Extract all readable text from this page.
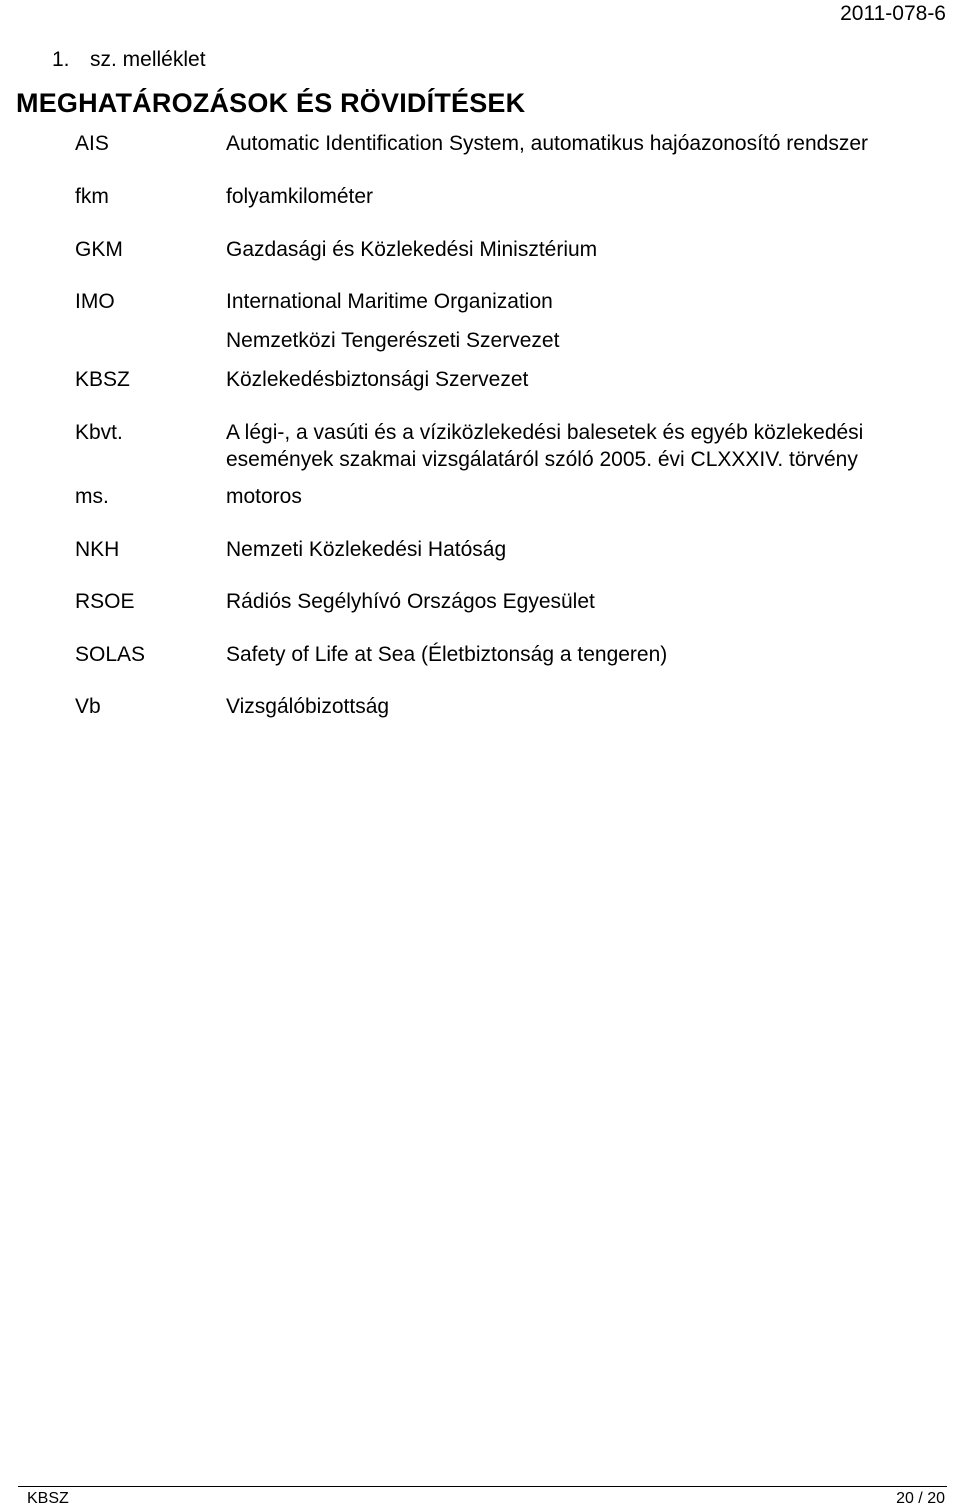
2011-078-6
1. sz. melléklet
MEGHATÁROZÁSOK ÉS RÖVIDÍTÉSEK
AIS	Automatic Identification System, automatikus hajóazonosító rendszer
fkm	folyamkilométer
GKM	Gazdasági és Közlekedési Minisztérium
IMO	International Maritime Organization
Nemzetközi Tengerészeti Szervezet
KBSZ	Közlekedésbiztonsági Szervezet
Kbvt.	A légi-, a vasúti és a víziközlekedési balesetek és egyéb közlekedési
események szakmai vizsgálatáról szóló 2005. évi CLXXXIV. törvény
ms.	motoros
NKH	Nemzeti Közlekedési Hatóság
RSOE	Rádiós Segélyhívó Országos Egyesület
SOLAS	Safety of Life at Sea (Életbiztonság a tengeren)
Vb	Vizsgálóbizottság
KBSZ	20 / 20
